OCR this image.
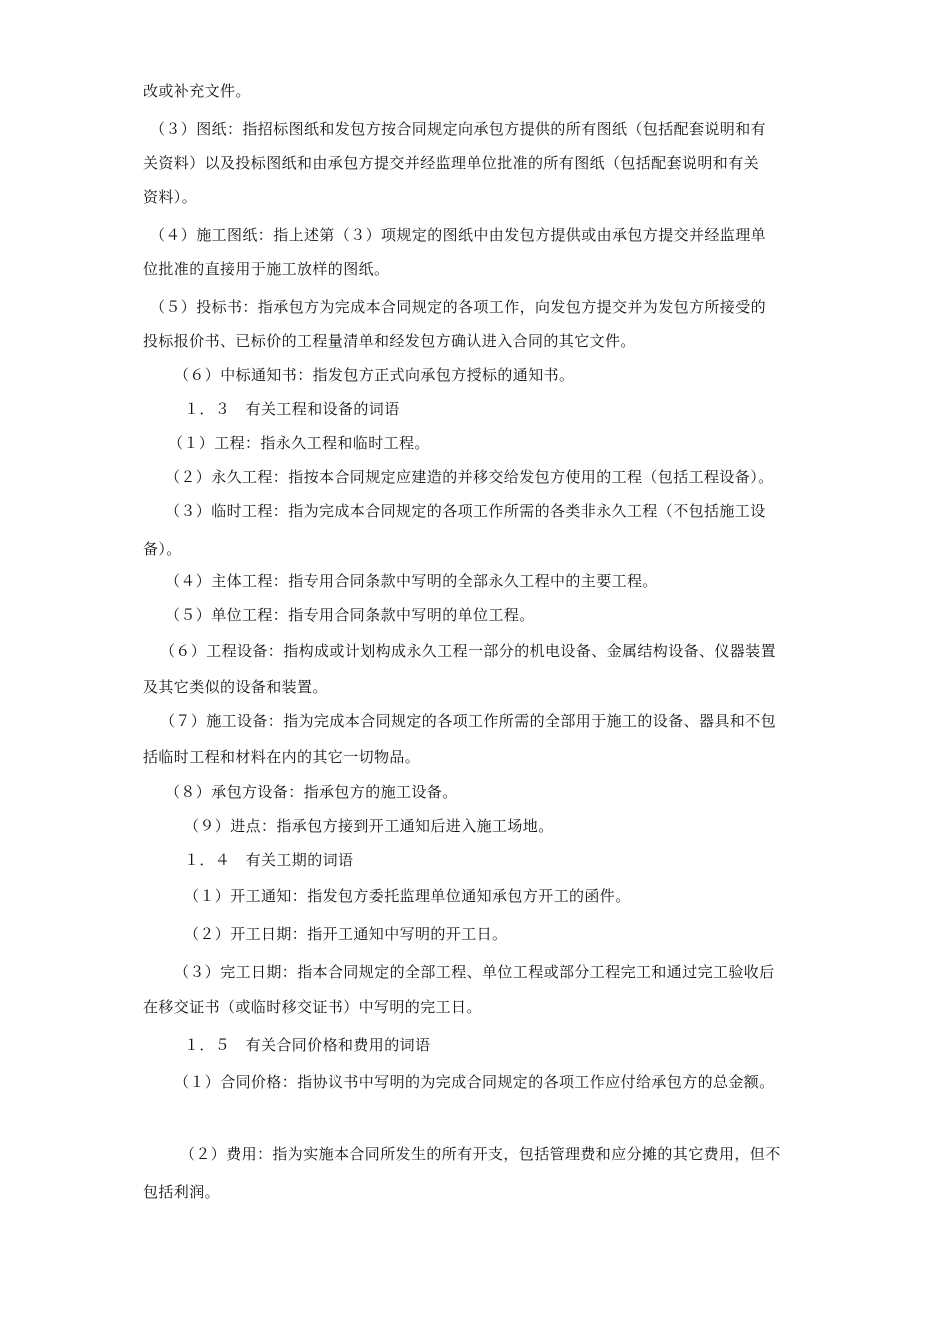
改或补充文件。
（３）图纸：指招标图纸和发包方按合同规定向承包方提供的所有图纸（包括配套说明和有
关资料）以及投标图纸和由承包方提交并经监理单位批准的所有图纸（包括配套说明和有关
资料）。
（４）施工图纸：指上述第（３）项规定的图纸中由发包方提供或由承包方提交并经监理单
位批准的直接用于施工放样的图纸。
（５）投标书：指承包方为完成本合同规定的各项工作，向发包方提交并为发包方所接受的
投标报价书、已标价的工程量清单和经发包方确认进入合同的其它文件。
（６）中标通知书：指发包方正式向承包方授标的通知书。
１．３　有关工程和设备的词语
（１）工程：指永久工程和临时工程。
（２）永久工程：指按本合同规定应建造的并移交给发包方使用的工程（包括工程设备）。
（３）临时工程：指为完成本合同规定的各项工作所需的各类非永久工程（不包括施工设
备）。
（４）主体工程：指专用合同条款中写明的全部永久工程中的主要工程。
（５）单位工程：指专用合同条款中写明的单位工程。
（６）工程设备：指构成或计划构成永久工程一部分的机电设备、金属结构设备、仪器装置
及其它类似的设备和装置。
（７）施工设备：指为完成本合同规定的各项工作所需的全部用于施工的设备、器具和不包
括临时工程和材料在内的其它一切物品。
（８）承包方设备：指承包方的施工设备。
（９）进点：指承包方接到开工通知后进入施工场地。
１．４　有关工期的词语
（１）开工通知：指发包方委托监理单位通知承包方开工的函件。
（２）开工日期：指开工通知中写明的开工日。
（３）完工日期：指本合同规定的全部工程、单位工程或部分工程完工和通过完工验收后
在移交证书（或临时移交证书）中写明的完工日。
１．５　有关合同价格和费用的词语
（１）合同价格：指协议书中写明的为完成合同规定的各项工作应付给承包方的总金额。
（２）费用：指为实施本合同所发生的所有开支，包括管理费和应分摊的其它费用，但不
包括利润。
